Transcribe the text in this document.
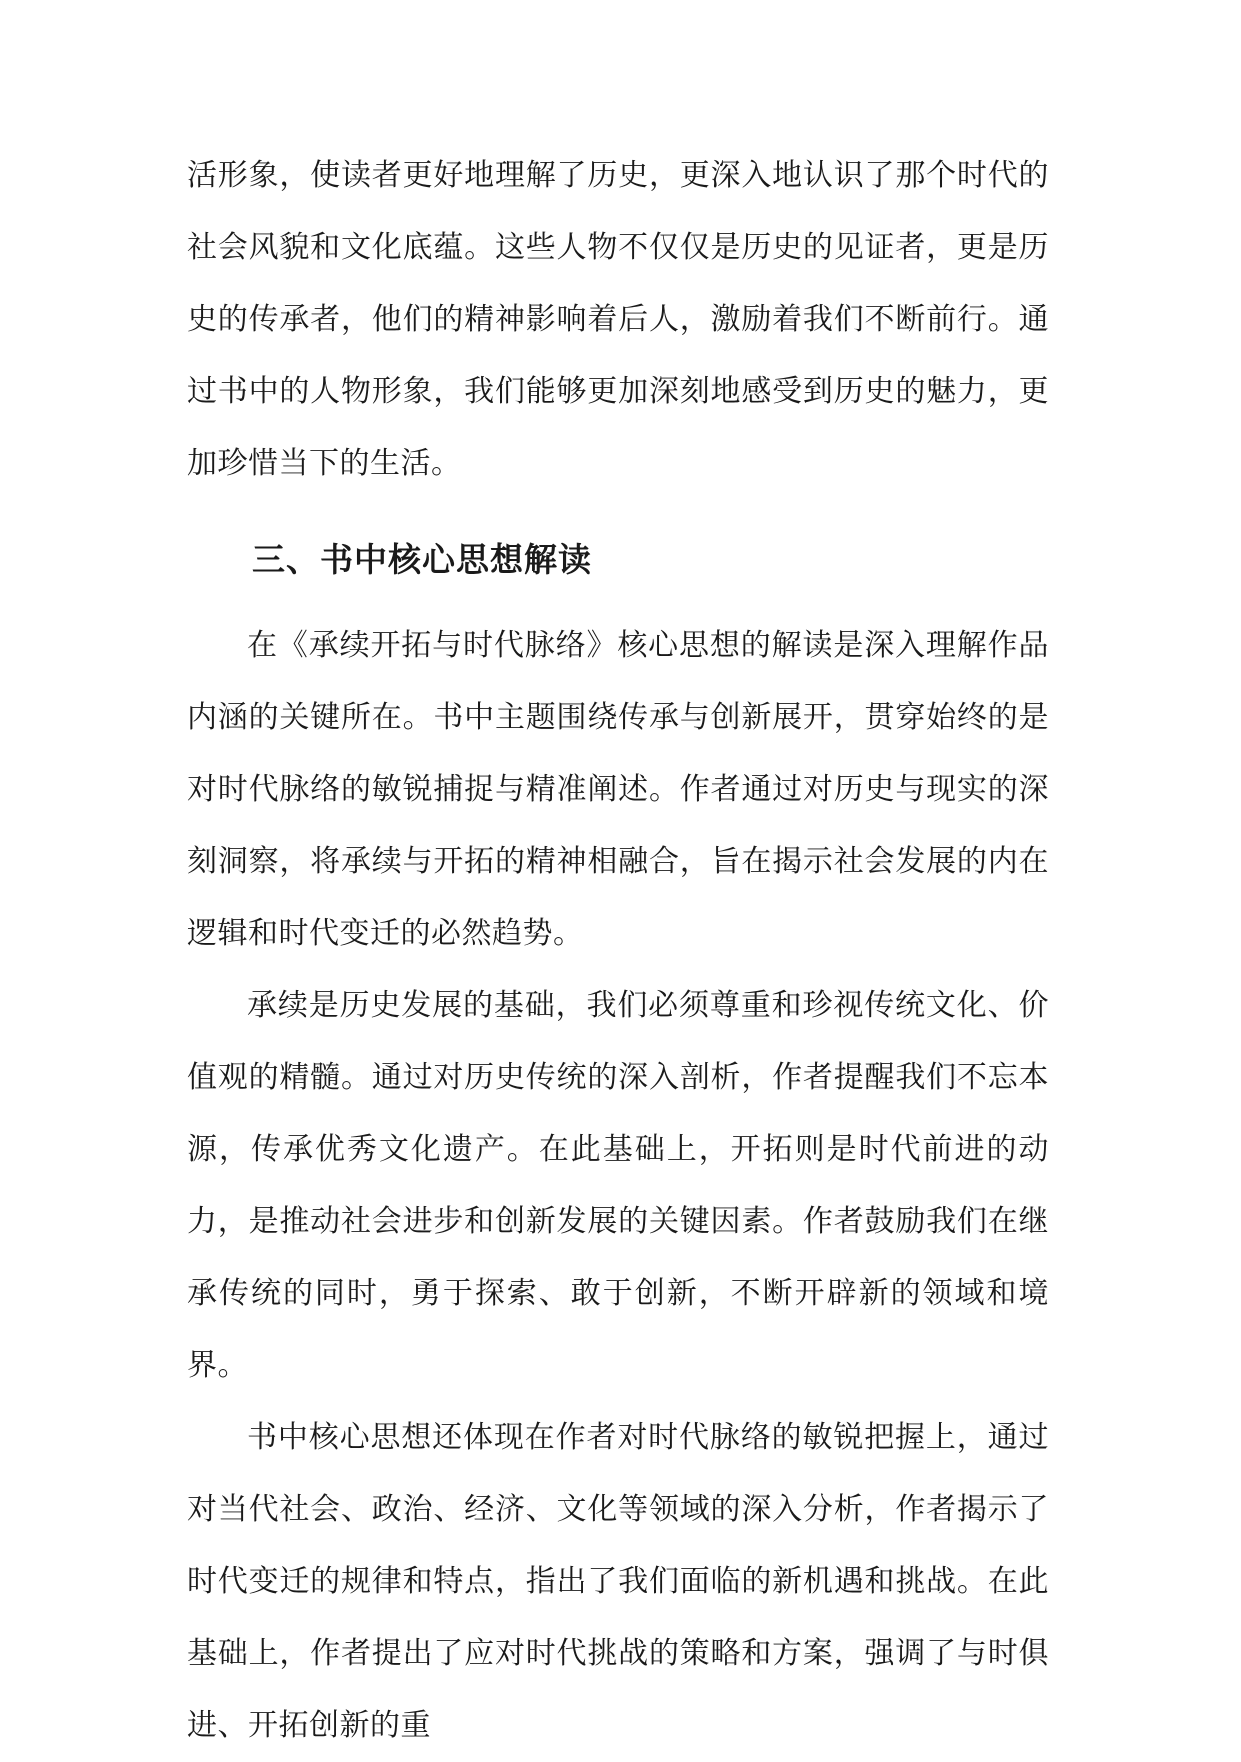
活形象，使读者更好地理解了历史，更深入地认识了那个时代的社会风貌和文化底蕴。这些人物不仅仅是历史的见证者，更是历史的传承者，他们的精神影响着后人，激励着我们不断前行。通过书中的人物形象，我们能够更加深刻地感受到历史的魅力，更加珍惜当下的生活。

三、书中核心思想解读

在《承续开拓与时代脉络》核心思想的解读是深入理解作品内涵的关键所在。书中主题围绕传承与创新展开，贯穿始终的是对时代脉络的敏锐捕捉与精准阐述。作者通过对历史与现实的深刻洞察，将承续与开拓的精神相融合，旨在揭示社会发展的内在逻辑和时代变迁的必然趋势。

承续是历史发展的基础，我们必须尊重和珍视传统文化、价值观的精髓。通过对历史传统的深入剖析，作者提醒我们不忘本源，传承优秀文化遗产。在此基础上，开拓则是时代前进的动力，是推动社会进步和创新发展的关键因素。作者鼓励我们在继承传统的同时，勇于探索、敢于创新，不断开辟新的领域和境界。

书中核心思想还体现在作者对时代脉络的敏锐把握上，通过对当代社会、政治、经济、文化等领域的深入分析，作者揭示了时代变迁的规律和特点，指出了我们面临的新机遇和挑战。在此基础上，作者提出了应对时代挑战的策略和方案，强调了与时俱进、开拓创新的重
